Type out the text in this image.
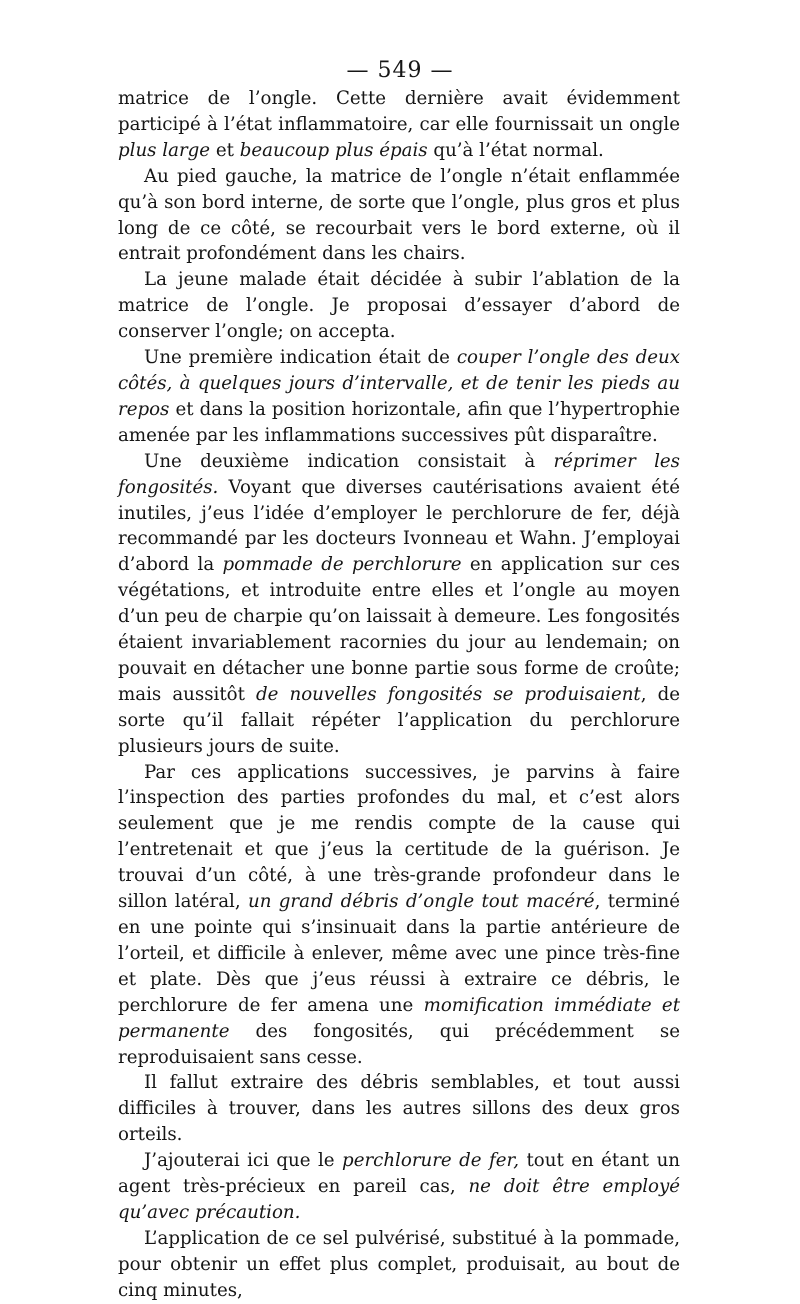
— 549 —

matrice de l’ongle. Cette dernière avait évidemment participé à l’état inflammatoire, car elle fournissait un ongle plus large et beaucoup plus épais qu’à l’état normal.

Au pied gauche, la matrice de l’ongle n’était enflammée qu’à son bord interne, de sorte que l’ongle, plus gros et plus long de ce côté, se recourbait vers le bord externe, où il entrait profondément dans les chairs.

La jeune malade était décidée à subir l’ablation de la matrice de l’ongle. Je proposai d’essayer d’abord de conserver l’ongle; on accepta.

Une première indication était de couper l’ongle des deux côtés, à quelques jours d’intervalle, et de tenir les pieds au repos et dans la position horizontale, afin que l’hypertrophie amenée par les inflammations successives pût disparaître.

Une deuxième indication consistait à réprimer les fongosités. Voyant que diverses cautérisations avaient été inutiles, j’eus l’idée d’employer le perchlorure de fer, déjà recommandé par les docteurs Ivonneau et Wahn. J’employai d’abord la pommade de perchlorure en application sur ces végétations, et introduite entre elles et l’ongle au moyen d’un peu de charpie qu’on laissait à demeure. Les fongosités étaient invariablement racornies du jour au lendemain; on pouvait en détacher une bonne partie sous forme de croûte; mais aussitôt de nouvelles fongosités se produisaient, de sorte qu’il fallait répéter l’application du perchlorure plusieurs jours de suite.

Par ces applications successives, je parvins à faire l’inspection des parties profondes du mal, et c’est alors seulement que je me rendis compte de la cause qui l’entretenait et que j’eus la certitude de la guérison. Je trouvai d’un côté, à une très-grande profondeur dans le sillon latéral, un grand débris d’ongle tout macéré, terminé en une pointe qui s’insinuait dans la partie antérieure de l’orteil, et difficile à enlever, même avec une pince très-fine et plate. Dès que j’eus réussi à extraire ce débris, le perchlorure de fer amena une momification immédiate et permanente des fongosités, qui précédemment se reproduisaient sans cesse.

Il fallut extraire des débris semblables, et tout aussi difficiles à trouver, dans les autres sillons des deux gros orteils.

J’ajouterai ici que le perchlorure de fer, tout en étant un agent très-précieux en pareil cas, ne doit être employé qu’avec précaution.

L’application de ce sel pulvérisé, substitué à la pommade, pour obtenir un effet plus complet, produisait, au bout de cinq minutes,
